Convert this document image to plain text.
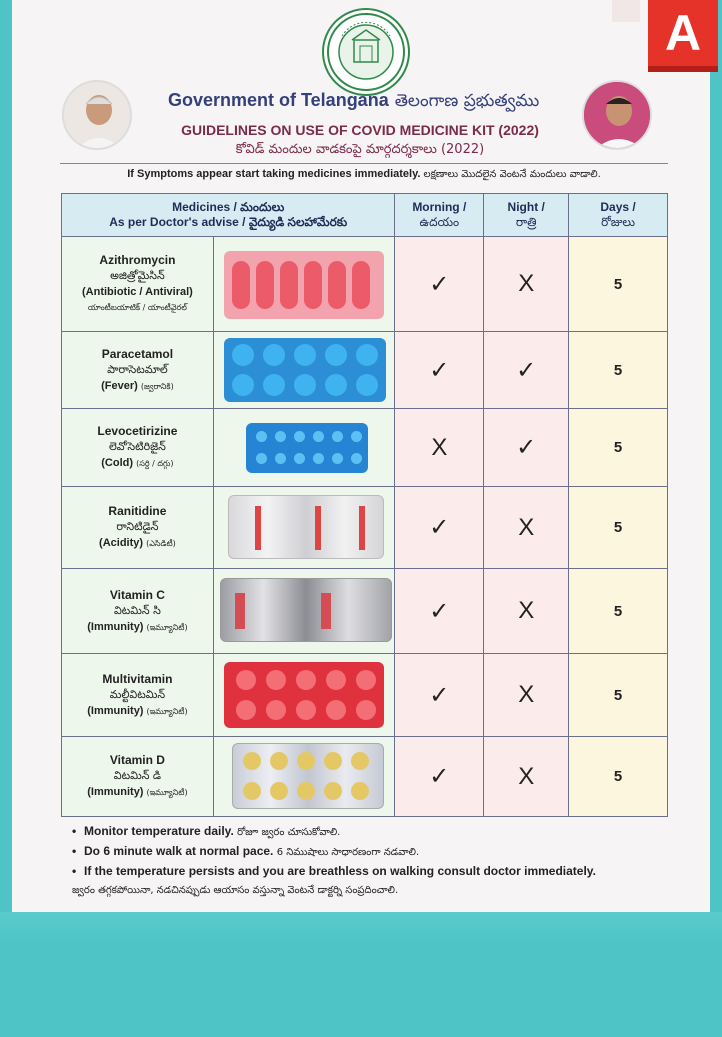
A
Government of Telangana తెలంగాణ ప్రభుత్వము
GUIDELINES ON USE OF COVID MEDICINE KIT (2022)
కోవిడ్ మందుల వాడకంపై మార్గదర్శకాలు (2022)
If Symptoms appear start taking medicines immediately. లక్షణాలు మొదలైన వెంటనే మందులు వాడాలి.
Medicines / మందులు
As per Doctor's advise / వైద్యుడి సలహామేరకు		Morning /
ఉదయం	Night /
రాత్రి	Days /
రోజులు

Azithromycin
అజిత్రోమైసిన్
(Antibiotic / Antiviral)
యాంటీబయాటిక్ / యాంటీవైరల్		✓	X	5

Paracetamol
పారాసెటమాల్
(Fever) (జ్వరానికి)		✓	✓	5

Levocetirizine
లెవోసెటిరిజైన్
(Cold) (సర్ది / దగ్గు)		X	✓	5

Ranitidine
రానిటిడైన్
(Acidity) (ఎసిడిటీ)		✓	X	5

Vitamin C
విటమిన్ సి
(Immunity) (ఇమ్యూనిటీ)		✓	X	5

Multivitamin
మల్టీవిటమిన్
(Immunity) (ఇమ్యూనిటీ)		✓	X	5

Vitamin D
విటమిన్ డి
(Immunity) (ఇమ్యూనిటీ)		✓	X	5
• Monitor temperature daily. రోజూ జ్వరం చూసుకోవాలి.
• Do 6 minute walk at normal pace. 6 నిముషాలు సాధారణంగా నడవాలి.
• If the temperature persists and you are breathless on walking consult doctor immediately.
జ్వరం తగ్గకపోయినా, నడచినప్పుడు ఆయాసం వస్తున్నా వెంటనే డాక్టర్ని సంప్రదించాలి.
